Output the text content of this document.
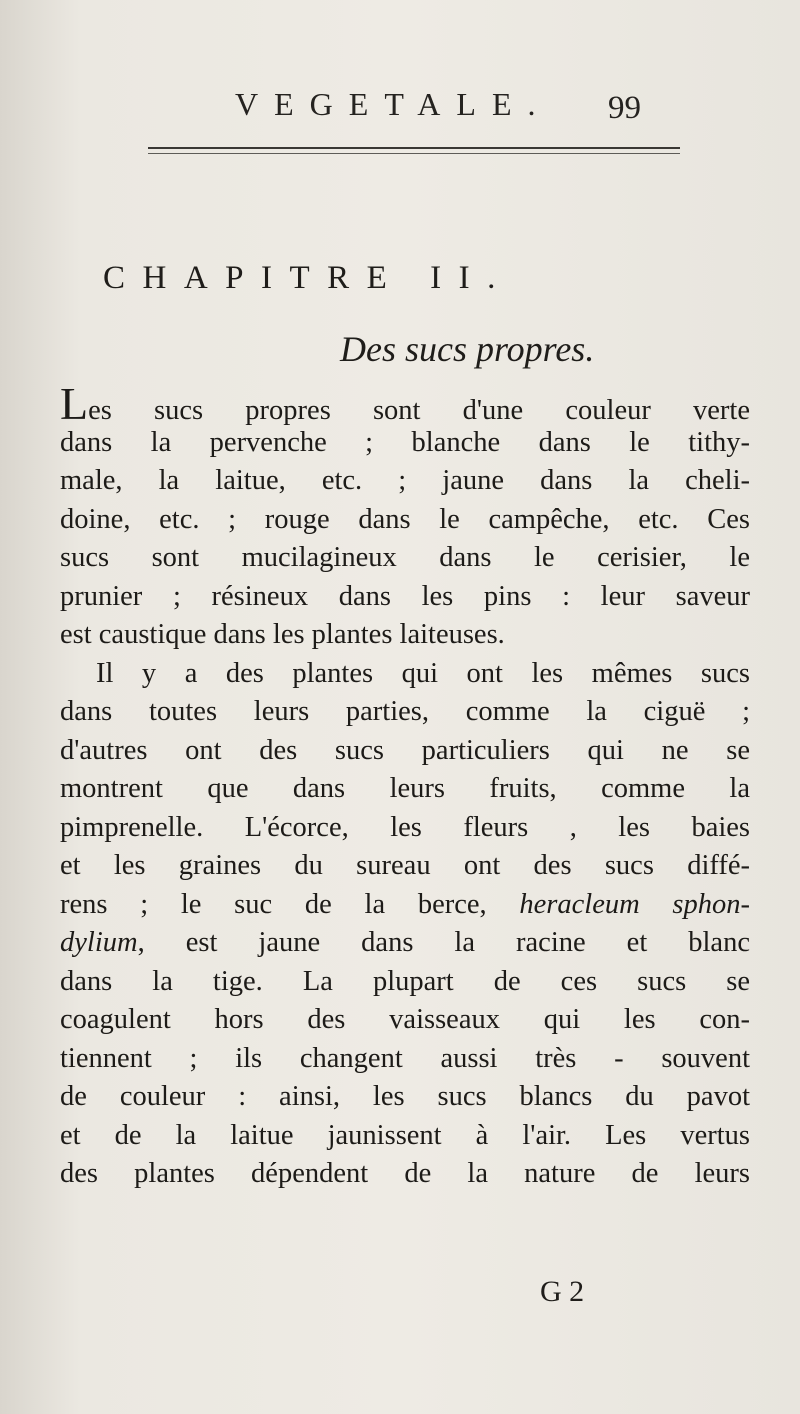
VEGETALE. 99
CHAPITRE II.
Des sucs propres.
Les sucs propres sont d'une couleur verte
dans la pervenche ; blanche dans le tithy-
male, la laitue, etc. ; jaune dans la cheli-
doine, etc. ; rouge dans le campêche, etc. Ces
sucs sont mucilagineux dans le cerisier, le
prunier ; résineux dans les pins : leur saveur
est caustique dans les plantes laiteuses.
Il y a des plantes qui ont les mêmes sucs
dans toutes leurs parties, comme la ciguë ;
d'autres ont des sucs particuliers qui ne se
montrent que dans leurs fruits, comme la
pimprenelle. L'écorce, les fleurs , les baies
et les graines du sureau ont des sucs diffé-
rens ; le suc de la berce, heracleum sphon-
dylium, est jaune dans la racine et blanc
dans la tige. La plupart de ces sucs se
coagulent hors des vaisseaux qui les con-
tiennent ; ils changent aussi très - souvent
de couleur : ainsi, les sucs blancs du pavot
et de la laitue jaunissent à l'air. Les vertus
des plantes dépendent de la nature de leurs
G 2
